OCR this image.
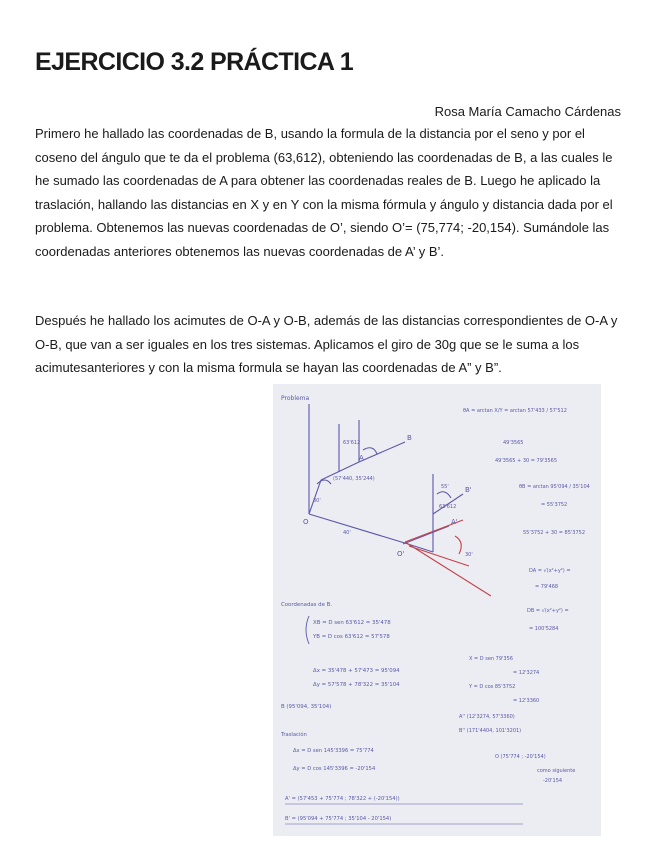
EJERCICIO 3.2 PRÁCTICA 1
Rosa María Camacho Cárdenas

Primero he hallado las coordenadas de B, usando la formula de la distancia por el seno y por el coseno del ángulo que te da el problema (63,612), obteniendo las coordenadas de B, a las cuales le he sumado las coordenadas de A para obtener las coordenadas reales de B. Luego he aplicado la traslación, hallando las distancias en X y en Y con la misma fórmula y ángulo y distancia dada por el problema. Obtenemos las nuevas coordenadas de O’, siendo O’= (75,774; -20,154). Sumándole las coordenadas anteriores obtenemos las nuevas coordenadas de A’ y B’.

Después he hallado los acimutes de O-A y O-B, además de las distancias correspondientes de O-A y O-B, que van a ser iguales en los tres sistemas. Aplicamos el giro de 30g que se le suma a los acimutesanteriores y con la misma formula se hayan las coordenadas de A” y B”.

Problema
O
B
A
O'
B'
A'
63'612
(57'440, 35'244)
30'
40'
55'
63'612
30'
θA = arctan X/Y = arctan 57'433 / 57'512
49'3565
49'3565 + 30 = 79'3565
θB = arctan 95'094 / 35'104
= 55'3752
55'3752 + 30 = 85'3752
DA = √(x²+y²) =
= 79'468
DB = √(x²+y²) =
= 100'5284
X = D sen 79'356
= 12'3274
Y = D cos 85'3752
= 12'3360
A'' (12'3274, 57'3360)
B'' (171'4404, 101'3201)
O (75'774 ; -20'154)
como siguiente
-20'154
Coordenadas de B.
XB = D sen 63'612 = 35'478
YB = D cos 63'612 = 57'578
Δx = 35'478 + 57'473 = 95'094
Δy = 57'578 + 78'322 = 35'104
B (95'094, 35'104)
Traslación
Δx = D sen 145'3396 = 75'774
Δy = D cos 145'3396 = -20'154
A' = (57'453 + 75'774 ; 78'322 + (-20'154))
B' = (95'094 + 75'774 ; 35'104 - 20'154)
